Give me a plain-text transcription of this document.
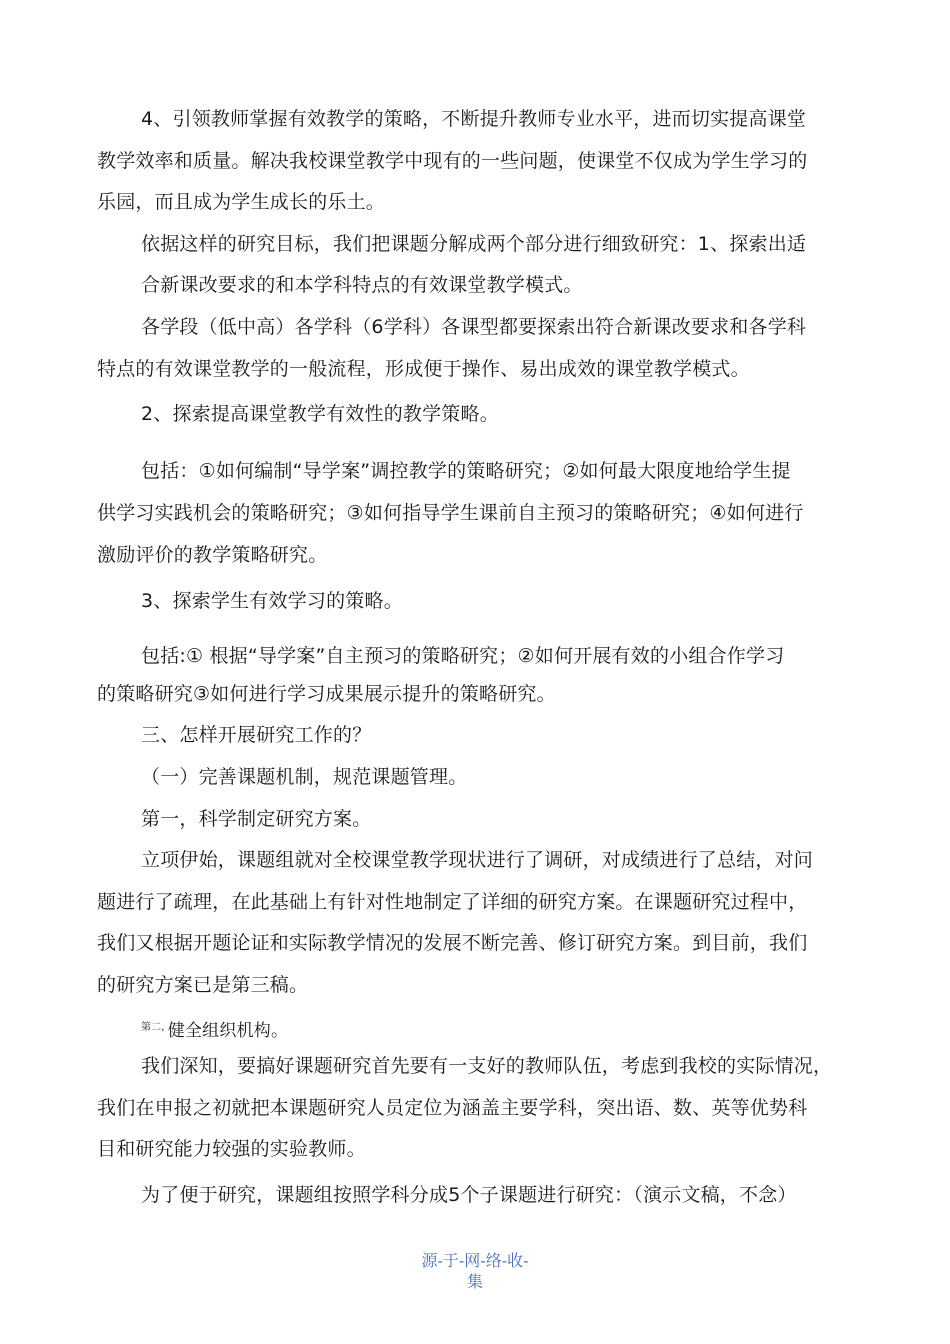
4、引领教师掌握有效教学的策略，不断提升教师专业水平，进而切实提高课堂
教学效率和质量。解决我校课堂教学中现有的一些问题，使课堂不仅成为学生学习的
乐园，而且成为学生成长的乐土。
依据这样的研究目标，我们把课题分解成两个部分进行细致研究：1、探索出适
合新课改要求的和本学科特点的有效课堂教学模式。
各学段（低中高）各学科（6学科）各课型都要探索出符合新课改要求和各学科
特点的有效课堂教学的一般流程，形成便于操作、易出成效的课堂教学模式。
2、探索提高课堂教学有效性的教学策略。
包括：①如何编制“导学案”调控教学的策略研究；②如何最大限度地给学生提
供学习实践机会的策略研究；③如何指导学生课前自主预习的策略研究；④如何进行
激励评价的教学策略研究。
3、探索学生有效学习的策略。
包括:① 根据“导学案”自主预习的策略研究；②如何开展有效的小组合作学习
的策略研究③如何进行学习成果展示提升的策略研究。
三、怎样开展研究工作的？
（一）完善课题机制，规范课题管理。
第一，科学制定研究方案。
立项伊始，课题组就对全校课堂教学现状进行了调研，对成绩进行了总结，对问
题进行了疏理，在此基础上有针对性地制定了详细的研究方案。在课题研究过程中，
我们又根据开题论证和实际教学情况的发展不断完善、修订研究方案。到目前，我们
的研究方案已是第三稿。
$^{第二,}$ 健全组织机构。
我们深知，要搞好课题研究首先要有一支好的教师队伍，考虑到我校的实际情况，
我们在申报之初就把本课题研究人员定位为涵盖主要学科，突出语、数、英等优势科
目和研究能力较强的实验教师。
为了便于研究，课题组按照学科分成5个子课题进行研究：（演示文稿，不念）
源-于-网-络-收-
集
